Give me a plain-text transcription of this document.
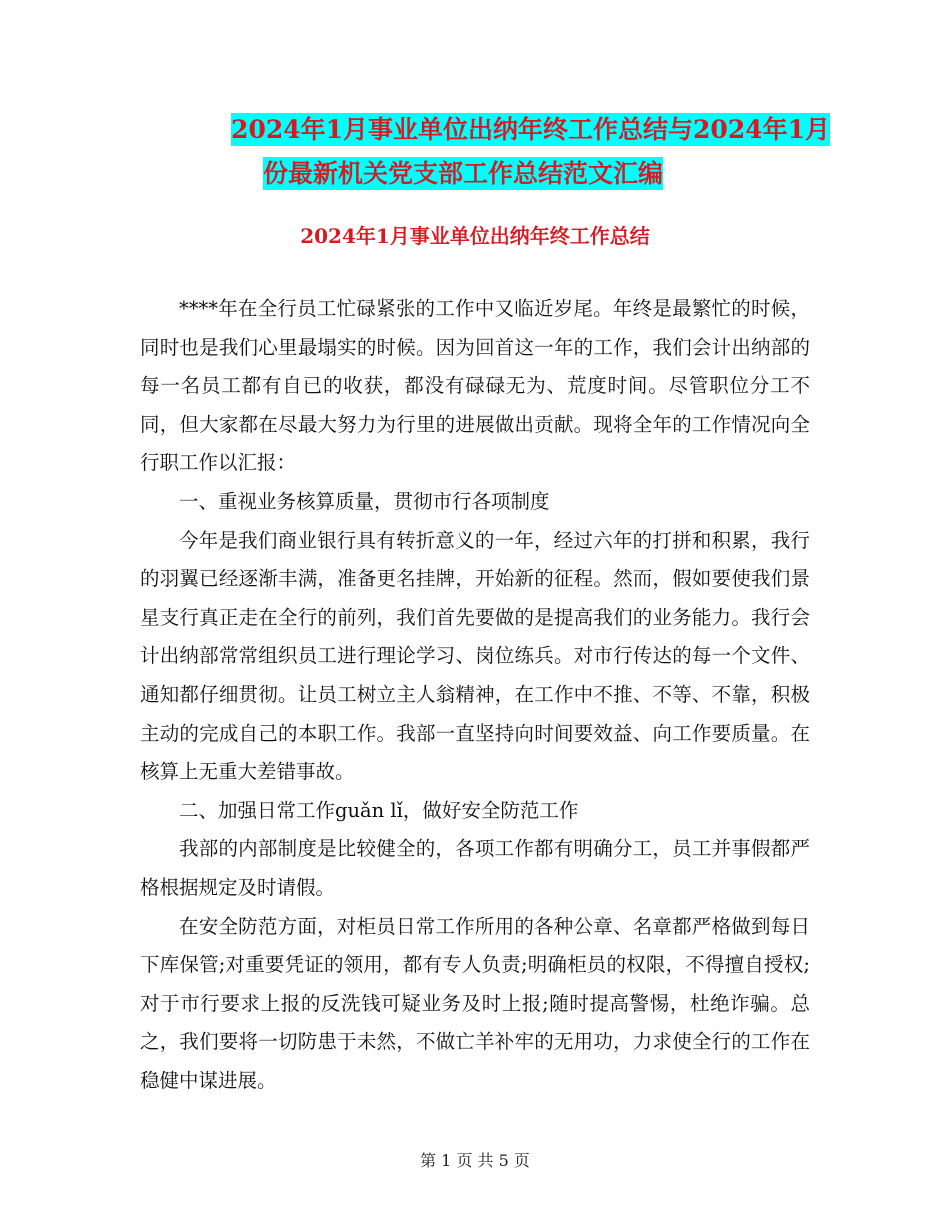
2024年1月事业单位出纳年终工作总结与2024年1月
份最新机关党支部工作总结范文汇编
2024年1月事业单位出纳年终工作总结

****年在全行员工忙碌紧张的工作中又临近岁尾。年终是最繁忙的时候，同时也是我们心里最塌实的时候。因为回首这一年的工作，我们会计出纳部的每一名员工都有自已的收获，都没有碌碌无为、荒度时间。尽管职位分工不同，但大家都在尽最大努力为行里的进展做出贡献。现将全年的工作情况向全行职工作以汇报：

一、重视业务核算质量，贯彻市行各项制度

今年是我们商业银行具有转折意义的一年，经过六年的打拼和积累，我行的羽翼已经逐渐丰满，准备更名挂牌，开始新的征程。然而，假如要使我们景星支行真正走在全行的前列，我们首先要做的是提高我们的业务能力。我行会计出纳部常常组织员工进行理论学习、岗位练兵。对市行传达的每一个文件、通知都仔细贯彻。让员工树立主人翁精神，在工作中不推、不等、不靠，积极主动的完成自己的本职工作。我部一直坚持向时间要效益、向工作要质量。在核算上无重大差错事故。

二、加强日常工作guǎn lǐ，做好安全防范工作

我部的内部制度是比较健全的，各项工作都有明确分工，员工并事假都严格根据规定及时请假。

在安全防范方面，对柜员日常工作所用的各种公章、名章都严格做到每日下库保管;对重要凭证的领用，都有专人负责;明确柜员的权限，不得擅自授权;对于市行要求上报的反洗钱可疑业务及时上报;随时提高警惕，杜绝诈骗。总之，我们要将一切防患于未然，不做亡羊补牢的无用功，力求使全行的工作在稳健中谋进展。

第 1 页 共 5 页
